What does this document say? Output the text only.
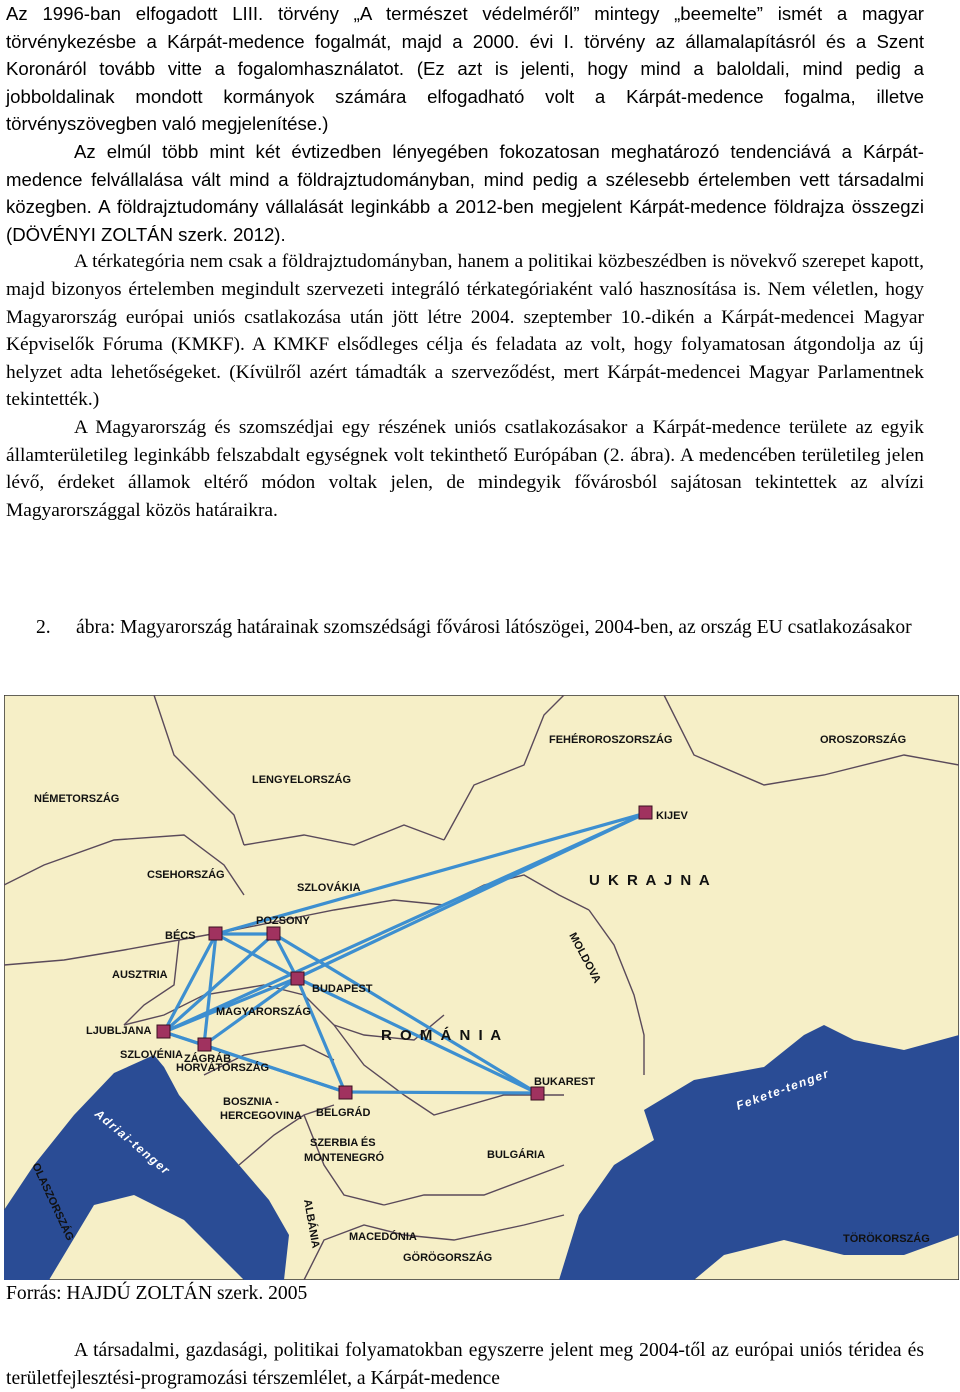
Az 1996-ban elfogadott LIII. törvény „A természet védelméről” mintegy „beemelte” ismét a magyar törvénykezésbe a Kárpát-medence fogalmát, majd a 2000. évi I. törvény az államalapításról és a Szent Koronáról tovább vitte a fogalomhasználatot. (Ez azt is jelenti, hogy mind a baloldali, mind pedig a jobboldalinak mondott kormányok számára elfogadható volt a Kárpát-medence fogalma, illetve törvényszövegben való megjelenítése.)

Az elmúl több mint két évtizedben lényegében fokozatosan meghatározó tendenciává a Kárpát-medence felvállalása vált mind a földrajztudományban, mind pedig a szélesebb értelemben vett társadalmi közegben. A földrajztudomány vállalását leginkább a 2012-ben megjelent Kárpát-medence földrajza összegzi (DÖVÉNYI ZOLTÁN szerk. 2012).

A térkategória nem csak a földrajztudományban, hanem a politikai közbeszédben is növekvő szerepet kapott, majd bizonyos értelemben megindult szervezeti integráló térkategóriaként való hasznosítása is. Nem véletlen, hogy Magyarország európai uniós csatlakozása után jött létre 2004. szeptember 10.-dikén a Kárpát-medencei Magyar Képviselők Fóruma (KMKF). A KMKF elsődleges célja és feladata az volt, hogy folyamatosan átgondolja az új helyzet adta lehetőségeket. (Kívülről azért támadták a szerveződést, mert Kárpát-medencei Magyar Parlamentnek tekintették.)

A Magyarország és szomszédjai egy részének uniós csatlakozásakor a Kárpát-medence területe az egyik államterületileg leginkább felszabdalt egységnek volt tekinthető Európában (2. ábra). A medencében területileg jelen lévő, érdeket államok eltérő módon voltak jelen, de mindegyik fővárosból sajátosan tekintettek az alvízi Magyarországgal közös határaikra.

2. ábra: Magyarország határainak szomszédsági fővárosi látószögei, 2004-ben, az ország EU csatlakozásakor
FEHÉROROSZORSZÁG	OROSZORSZÁG
LENGYELORSZÁG
NÉMETORSZÁG
CSEHORSZÁG	U K R A J N A
SZLOVÁKIA
MOLDOVA
AUSZTRIA
MAGYARORSZÁG
R O M Á N I A
SZLOVÉNIA
HORVÁTORSZÁG
BOSZNIA -
HERCEGOVINA
SZERBIA ÉS
MONTENEGRÓ	BULGÁRIA
OLASZORSZÁG	ALBÁNIA	MACEDÓNIA
GÖRÖGORSZÁG
TÖRÖKORSZÁG
Fekete-tenger
Adriai-tenger
KIJEV
BÉCS
POZSONY
BUDAPEST
LJUBLJANA
ZÁGRÁB
BELGRÁD
BUKAREST
Forrás: HAJDÚ ZOLTÁN szerk. 2005

A társadalmi, gazdasági, politikai folyamatokban egyszerre jelent meg 2004-től az európai uniós téridea és területfejlesztési-programozási térszemlélet, a Kárpát-medence
